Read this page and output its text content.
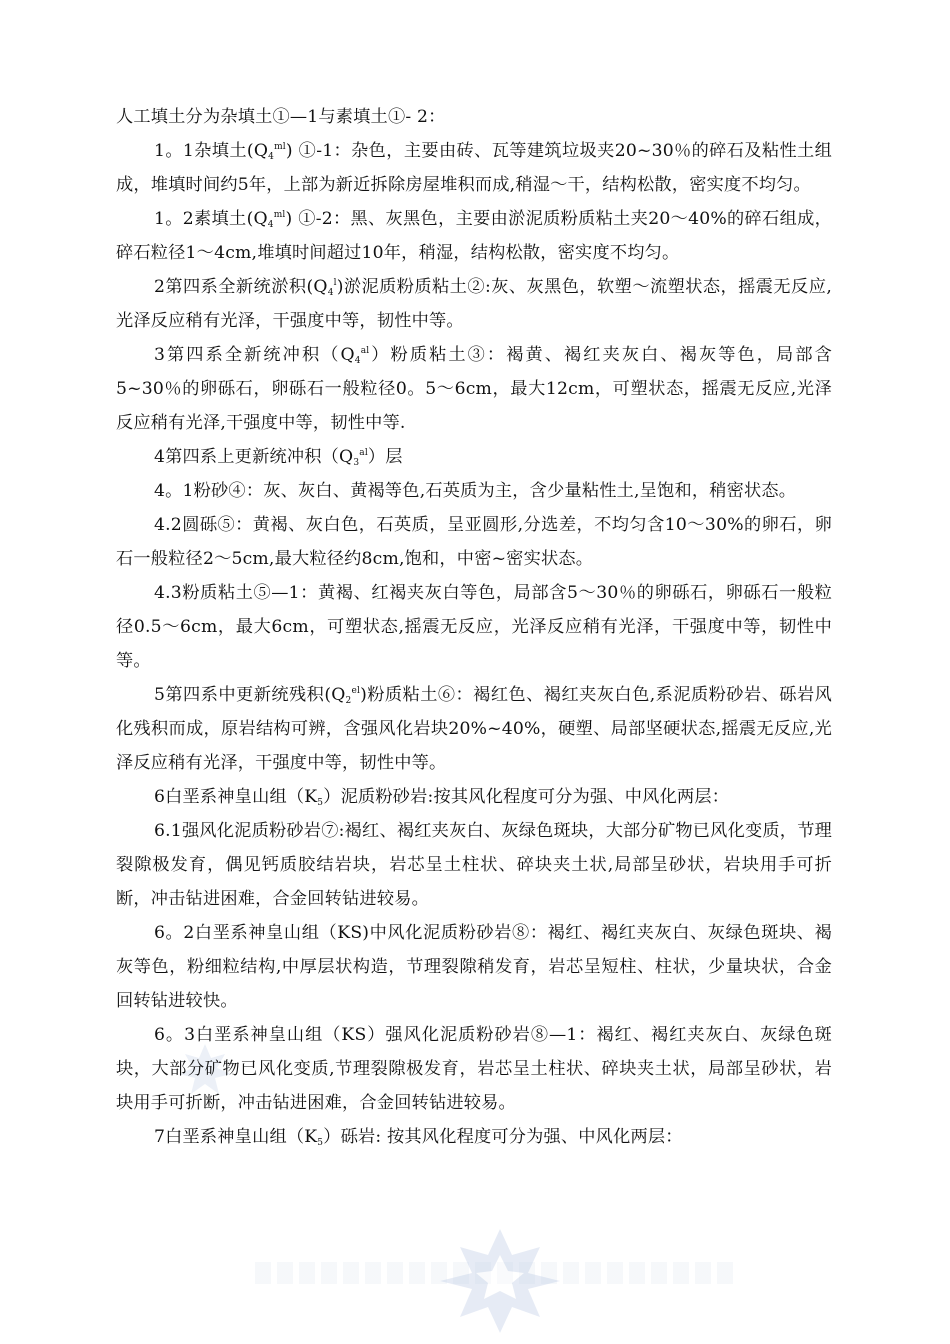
人工填土分为杂填土①—1与素填土①- 2：

1。1杂填土$(Q_4^{ml})$ ①-1：杂色，主要由砖、瓦等建筑垃圾夹20~30％的碎石及粘性土组成，堆填时间约5年，上部为新近拆除房屋堆积而成,稍湿～干，结构松散，密实度不均匀。

1。2素填土$(Q_4^{ml})$ ①-2：黑、灰黑色，主要由淤泥质粉质粘土夹20～40%的碎石组成，碎石粒径1～4cm,堆填时间超过10年，稍湿，结构松散，密实度不均匀。

2第四系全新统淤积$(Q_4^l)$淤泥质粉质粘土②:灰、灰黑色，软塑～流塑状态，摇震无反应,光泽反应稍有光泽，干强度中等，韧性中等。

3第四系全新统冲积$(Q_4^{al})$粉质粘土③：褐黄、褐红夹灰白、褐灰等色，局部含5~30％的卵砾石，卵砾石一般粒径0。5～6cm，最大12cm，可塑状态，摇震无反应,光泽反应稍有光泽,干强度中等，韧性中等.

4第四系上更新统冲积$(Q_3^{al})$层

4。1粉砂④：灰、灰白、黄褐等色,石英质为主，含少量粘性土,呈饱和，稍密状态。

4.2圆砾⑤：黄褐、灰白色，石英质，呈亚圆形,分选差，不均匀含10～30%的卵石，卵石一般粒径2～5cm,最大粒径约8cm,饱和，中密~密实状态。

4.3粉质粘土⑤—1：黄褐、红褐夹灰白等色，局部含5～30％的卵砾石，卵砾石一般粒径0.5～6cm，最大6cm，可塑状态,摇震无反应，光泽反应稍有光泽，干强度中等，韧性中等。

5第四系中更新统残积$(Q_2^{el})$粉质粘土⑥：褐红色、褐红夹灰白色,系泥质粉砂岩、砾岩风化残积而成，原岩结构可辨，含强风化岩块20%~40%，硬塑、局部坚硬状态,摇震无反应,光泽反应稍有光泽，干强度中等，韧性中等。

6白垩系神皇山组$(K_5)$泥质粉砂岩:按其风化程度可分为强、中风化两层：

6.1强风化泥质粉砂岩⑦:褐红、褐红夹灰白、灰绿色斑块，大部分矿物已风化变质，节理裂隙极发育，偶见钙质胶结岩块，岩芯呈土柱状、碎块夹土状,局部呈砂状，岩块用手可折断，冲击钻进困难，合金回转钻进较易。

6。2白垩系神皇山组（KS)中风化泥质粉砂岩⑧：褐红、褐红夹灰白、灰绿色斑块、褐灰等色，粉细粒结构,中厚层状构造，节理裂隙稍发育，岩芯呈短柱、柱状，少量块状，合金回转钻进较快。

6。3白垩系神皇山组（KS）强风化泥质粉砂岩⑧—1：褐红、褐红夹灰白、灰绿色斑块，大部分矿物已风化变质,节理裂隙极发育，岩芯呈土柱状、碎块夹土状，局部呈砂状，岩块用手可折断，冲击钻进困难，合金回转钻进较易。

7白垩系神皇山组$(K_5)$砾岩: 按其风化程度可分为强、中风化两层：
